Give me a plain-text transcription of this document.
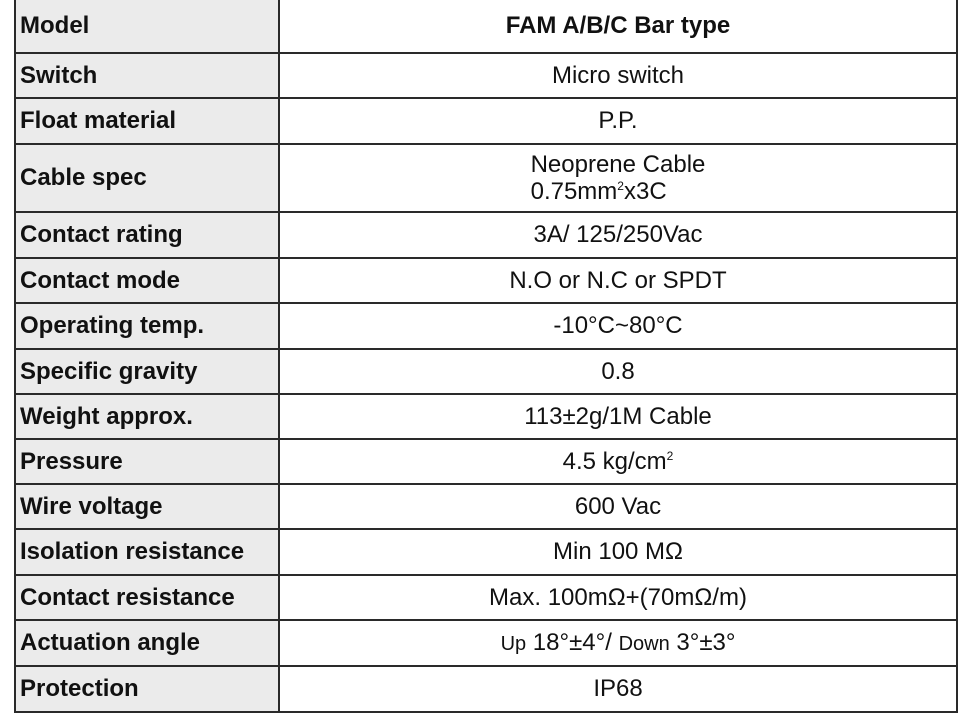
Model	FAM A/B/C Bar type
Switch	Micro switch
Float material	P.P.
Cable spec	Neoprene Cable
$0.75mm^2x3C$
Contact rating	3A/ 125/250Vac
Contact mode	N.O or N.C or SPDT
Operating temp.	-10°C~80°C
Specific gravity	0.8
Weight approx.	113±2g/1M Cable
Pressure	4.5 $kg/cm^2$
Wire voltage	600 Vac
Isolation resistance	Min 100 MΩ
Contact resistance	Max. 100mΩ+(70mΩ/m)
Actuation angle	Up 18°±4°/ Down 3°±3°
Protection	IP68
